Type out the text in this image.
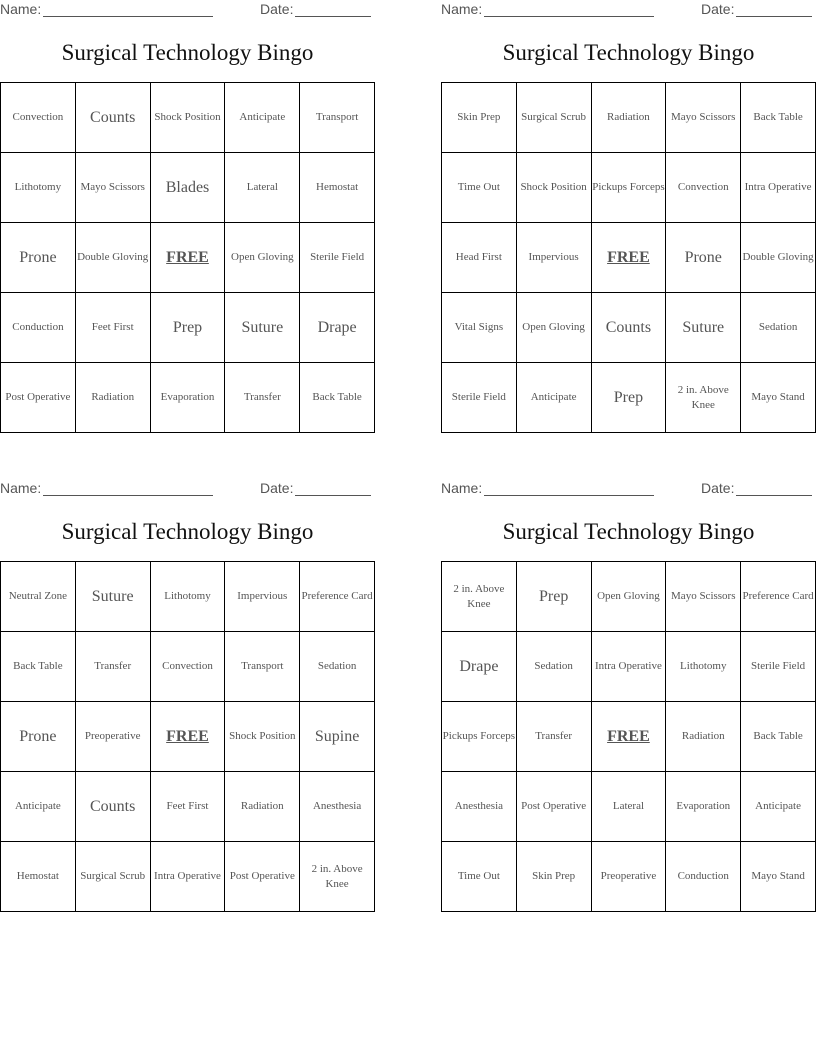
Name:	Date:
Surgical Technology Bingo
Convection	Counts	Shock Position	Anticipate	Transport
Lithotomy	Mayo Scissors	Blades	Lateral	Hemostat
Prone	Double Gloving	FREE	Open Gloving	Sterile Field
Conduction	Feet First	Prep	Suture	Drape
Post Operative	Radiation	Evaporation	Transfer	Back Table
Name:	Date:
Surgical Technology Bingo
Skin Prep	Surgical Scrub	Radiation	Mayo Scissors	Back Table
Time Out	Shock Position	Pickups Forceps	Convection	Intra Operative
Head First	Impervious	FREE	Prone	Double Gloving
Vital Signs	Open Gloving	Counts	Suture	Sedation
Sterile Field	Anticipate	Prep	2 in. Above Knee	Mayo Stand
Name:	Date:
Surgical Technology Bingo
Neutral Zone	Suture	Lithotomy	Impervious	Preference Card
Back Table	Transfer	Convection	Transport	Sedation
Prone	Preoperative	FREE	Shock Position	Supine
Anticipate	Counts	Feet First	Radiation	Anesthesia
Hemostat	Surgical Scrub	Intra Operative	Post Operative	2 in. Above Knee
Name:	Date:
Surgical Technology Bingo
2 in. Above Knee	Prep	Open Gloving	Mayo Scissors	Preference Card
Drape	Sedation	Intra Operative	Lithotomy	Sterile Field
Pickups Forceps	Transfer	FREE	Radiation	Back Table
Anesthesia	Post Operative	Lateral	Evaporation	Anticipate
Time Out	Skin Prep	Preoperative	Conduction	Mayo Stand
